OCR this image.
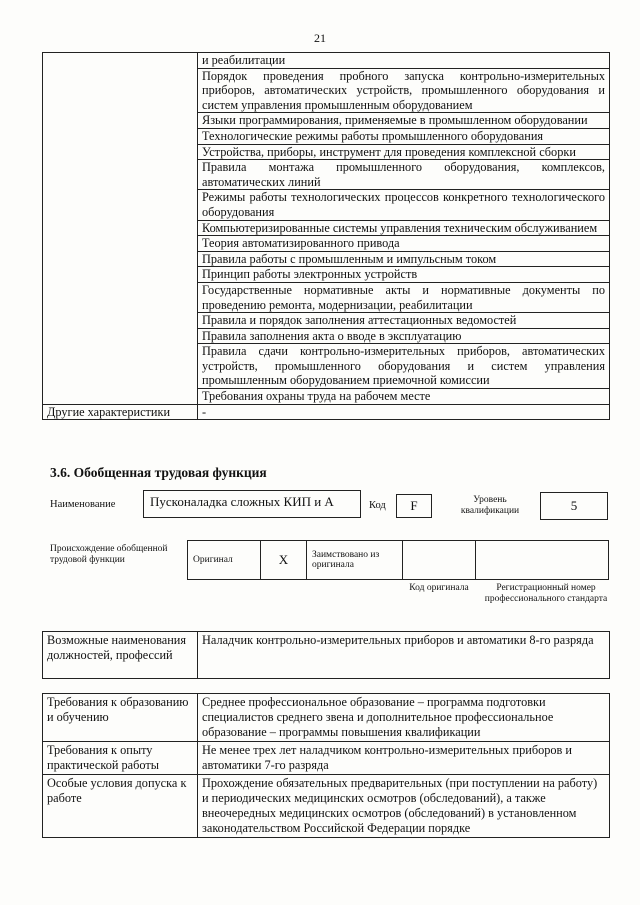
21
	и реабилитации
	Порядок проведения пробного запуска контрольно-измерительных приборов, автоматических устройств, промышленного оборудования и систем управления промышленным оборудованием
	Языки программирования, применяемые в промышленном оборудовании
	Технологические режимы работы промышленного оборудования
	Устройства, приборы, инструмент для проведения комплексной сборки
	Правила монтажа промышленного оборудования, комплексов, автоматических линий
	Режимы работы технологических процессов конкретного технологического оборудования
	Компьютеризированные системы управления техническим обслуживанием
	Теория автоматизированного привода
	Правила работы с промышленным и импульсным током
	Принцип работы электронных устройств
	Государственные нормативные акты и нормативные документы по проведению ремонта, модернизации, реабилитации
	Правила и порядок заполнения аттестационных ведомостей
	Правила заполнения акта о вводе в эксплуатацию
	Правила сдачи контрольно-измерительных приборов, автоматических устройств, промышленного оборудования и систем управления промышленным оборудованием приемочной комиссии
	Требования охраны труда на рабочем месте
Другие характеристики	-
3.6. Обобщенная трудовая функция
Наименование	Пусконаладка сложных КИП и А	Код	F	Уровень квалификации	5
Происхождение обобщенной трудовой функции	Оригинал	X	Заимствовано из оригинала		
Код оригинала	Регистрационный номер профессионального стандарта
Возможные наименования должностей, профессий	Наладчик контрольно-измерительных приборов и автоматики 8-го разряда
Требования к образованию и обучению	Среднее профессиональное образование – программа подготовки специалистов среднего звена и дополнительное профессиональное образование – программы повышения квалификации
Требования к опыту практической работы	Не менее трех лет наладчиком контрольно-измерительных приборов и автоматики 7-го разряда
Особые условия допуска к работе	Прохождение обязательных предварительных (при поступлении на работу) и периодических медицинских осмотров (обследований), а также внеочередных медицинских осмотров (обследований) в установленном законодательством Российской Федерации порядке
